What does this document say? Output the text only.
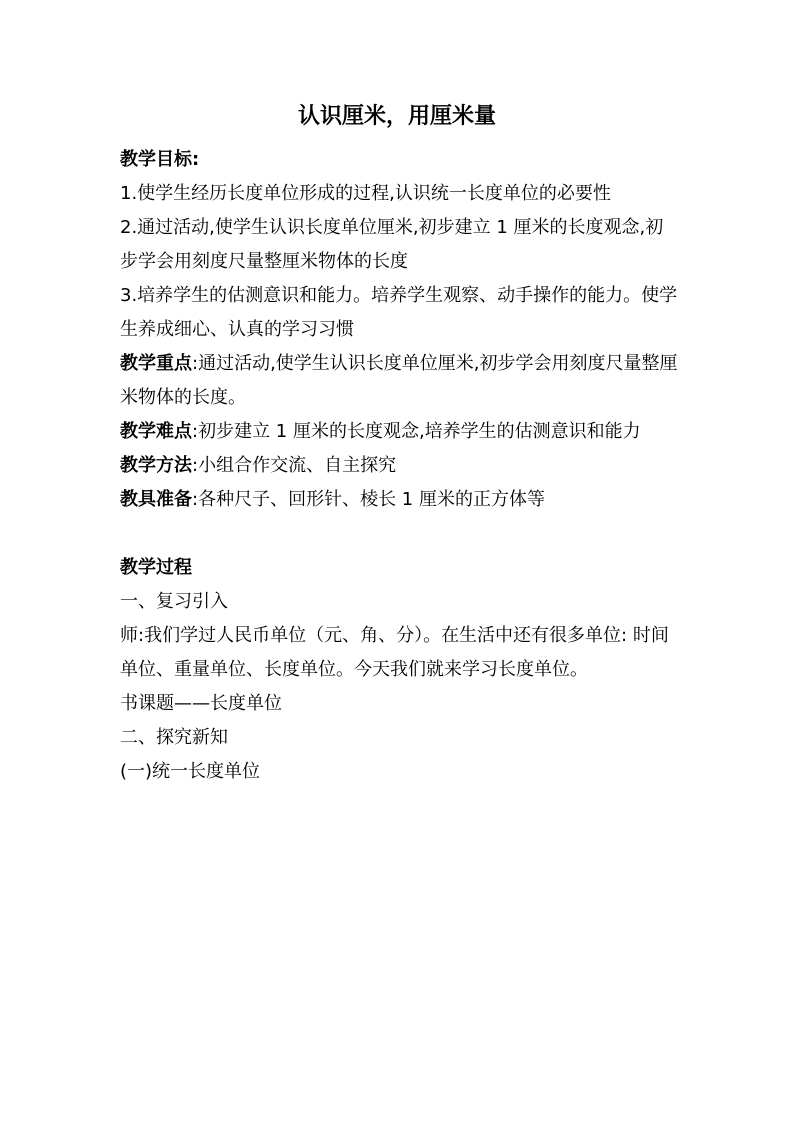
认识厘米，用厘米量

教学目标:

1.使学生经历长度单位形成的过程,认识统一长度单位的必要性

2.通过活动,使学生认识长度单位厘米,初步建立 1 厘米的长度观念,初步学会用刻度尺量整厘米物体的长度

3.培养学生的估测意识和能力。培养学生观察、动手操作的能力。使学生养成细心、认真的学习习惯

教学重点:通过活动,使学生认识长度单位厘米,初步学会用刻度尺量整厘米物体的长度。

教学难点:初步建立 1 厘米的长度观念,培养学生的估测意识和能力

教学方法:小组合作交流、自主探究

教具准备:各种尺子、回形针、棱长 1 厘米的正方体等

教学过程

一、复习引入

师:我们学过人民币单位（元、角、分）。在生活中还有很多单位: 时间单位、重量单位、长度单位。今天我们就来学习长度单位。

书课题——长度单位

二、探究新知

(一)统一长度单位
